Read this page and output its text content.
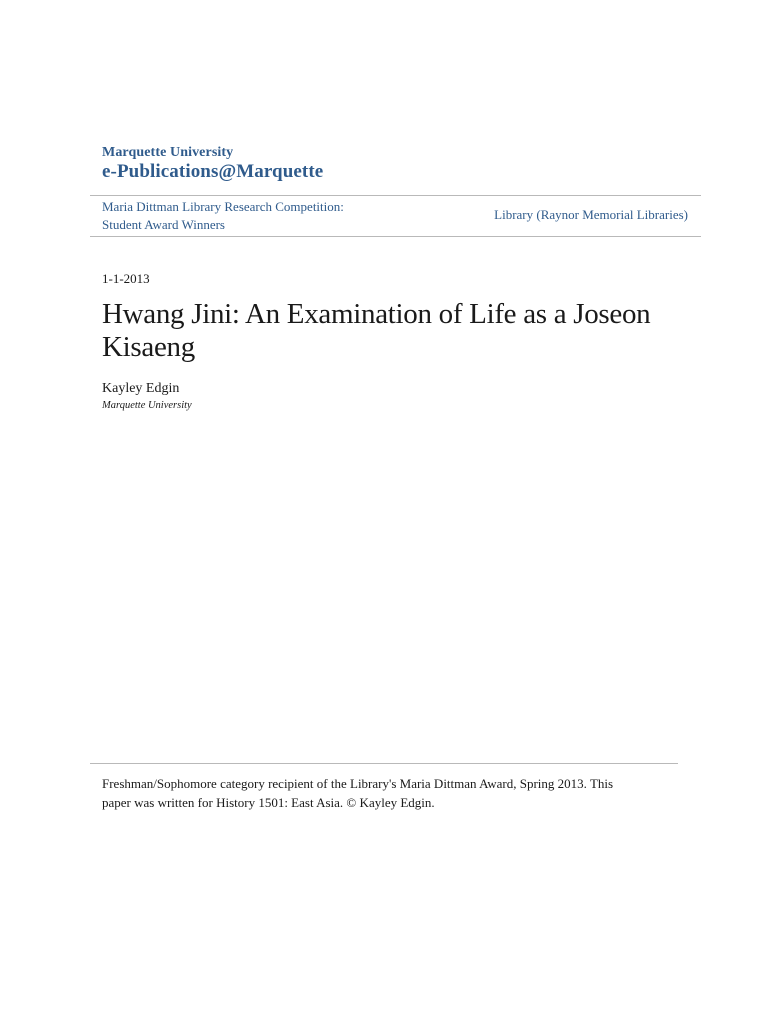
Marquette University
e-Publications@Marquette
Maria Dittman Library Research Competition:
Student Award Winners
Library (Raynor Memorial Libraries)
1-1-2013
Hwang Jini: An Examination of Life as a Joseon
Kisaeng
Kayley Edgin
Marquette University
Freshman/Sophomore category recipient of the Library's Maria Dittman Award, Spring 2013. This
paper was written for History 1501: East Asia. © Kayley Edgin.
